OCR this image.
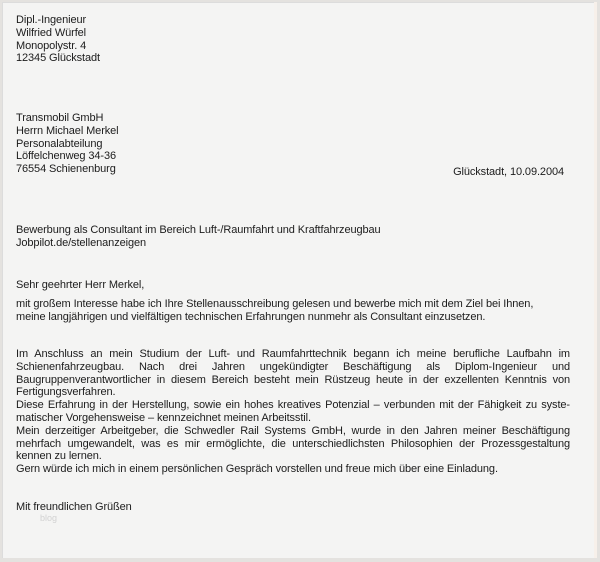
Dipl.-Ingenieur
Wilfried Würfel
Monopolystr. 4
12345 Glückstadt
Transmobil GmbH
Herrn Michael Merkel
Personalabteilung
Löffelchenweg 34-36
76554 Schienenburg	Glückstadt, 10.09.2004
Bewerbung als Consultant im Bereich Luft-/Raumfahrt und Kraftfahrzeugbau
Jobpilot.de/stellenanzeigen
Sehr geehrter Herr Merkel,
mit großem Interesse habe ich Ihre Stellenausschreibung gelesen und bewerbe mich mit dem Ziel bei Ihnen,
meine langjährigen und vielfältigen technischen Erfahrungen nunmehr als Consultant einzusetzen.
Im Anschluss an mein Studium der Luft- und Raumfahrttechnik begann ich meine berufliche Laufbahn im
Schienenfahrzeugbau. Nach drei Jahren ungekündigter Beschäftigung als Diplom-Ingenieur und
Baugruppenverantwortlicher in diesem Bereich besteht mein Rüstzeug heute in der exzellenten Kenntnis von
Fertigungsverfahren.
Diese Erfahrung in der Herstellung, sowie ein hohes kreatives Potenzial – verbunden mit der Fähigkeit zu syste-
matischer Vorgehensweise – kennzeichnet meinen Arbeitsstil.
Mein derzeitiger Arbeitgeber, die Schwedler Rail Systems GmbH, wurde in den Jahren meiner Beschäftigung
mehrfach umgewandelt, was es mir ermöglichte, die unterschiedlichsten Philosophien der Prozessgestaltung
kennen zu lernen.
Gern würde ich mich in einem persönlichen Gespräch vorstellen und freue mich über eine Einladung.
Mit freundlichen Grüßen
blog
